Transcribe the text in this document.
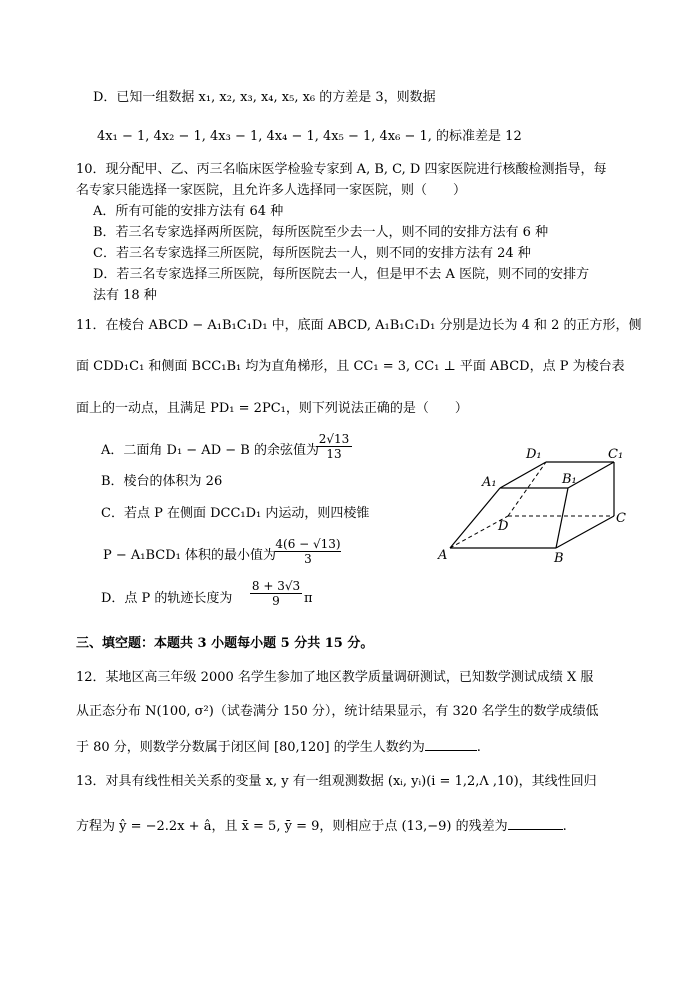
D．已知一组数据 x₁, x₂, x₃, x₄, x₅, x₆ 的方差是 3，则数据
4x₁ − 1, 4x₂ − 1, 4x₃ − 1, 4x₄ − 1, 4x₅ − 1, 4x₆ − 1, 的标准差是 12
10．现分配甲、乙、丙三名临床医学检验专家到 A, B, C, D 四家医院进行核酸检测指导，每
名专家只能选择一家医院，且允许多人选择同一家医院，则（　　）
A．所有可能的安排方法有 64 种
B．若三名专家选择两所医院，每所医院至少去一人，则不同的安排方法有 6 种
C．若三名专家选择三所医院，每所医院去一人，则不同的安排方法有 24 种
D．若三名专家选择三所医院，每所医院去一人，但是甲不去 A 医院，则不同的安排方
法有 18 种
11．在棱台 ABCD − A₁B₁C₁D₁ 中，底面 ABCD, A₁B₁C₁D₁ 分别是边长为 4 和 2 的正方形，侧
面 CDD₁C₁ 和侧面 BCC₁B₁ 均为直角梯形，且 CC₁ = 3, CC₁ ⊥ 平面 ABCD，点 P 为棱台表
面上的一动点，且满足 PD₁ = 2PC₁，则下列说法正确的是（　　）
A．二面角 D₁ − AD − B 的余弦值为
$\frac{2√13}{13}$
B．棱台的体积为 26
C．若点 P 在侧面 DCC₁D₁ 内运动，则四棱锥
P − A₁BCD₁ 体积的最小值为
$\frac{4(6 - √13)}{3}$
D．点 P 的轨迹长度为 $\frac{8 + 3√3}{9}$ π
D₁	C₁
A₁	B₁
D
C
A	B
三、填空题：本题共 3 小题每小题 5 分共 15 分。
12．某地区高三年级 2000 名学生参加了地区教学质量调研测试，已知数学测试成绩 X 服
从正态分布 N(100, σ²)（试卷满分 150 分），统计结果显示，有 320 名学生的数学成绩低
于 80 分，则数学分数属于闭区间 [80,120] 的学生人数约为	.
13．对具有线性相关关系的变量 x, y 有一组观测数据 (xᵢ, yᵢ)(i = 1,2,Λ ,10)，其线性回归
方程为 ŷ = −2.2x + â，且 x̄ = 5, ȳ = 9，则相应于点 (13,−9) 的残差为	.
